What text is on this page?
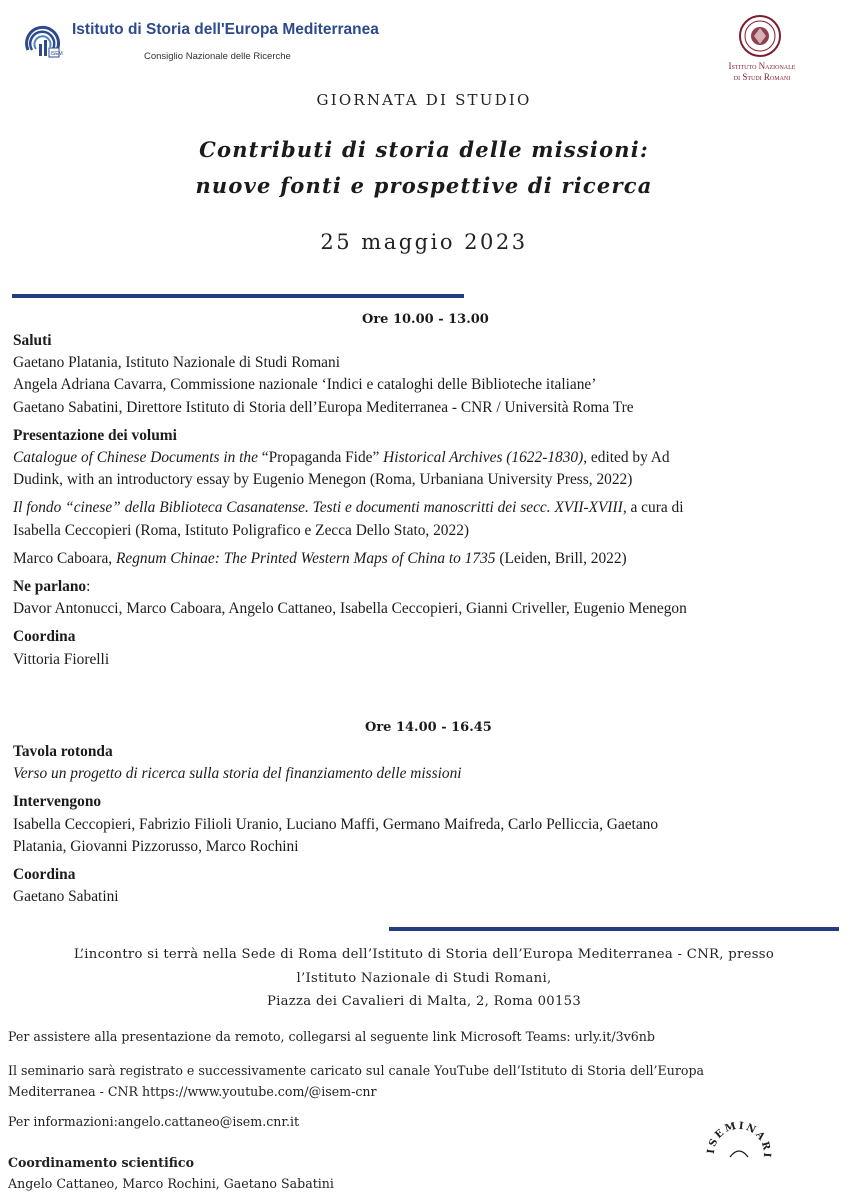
ISEM
Istituto di Storia dell'Europa Mediterranea
Consiglio Nazionale delle Ricerche
Istituto Nazionale
di Studi Romani
GIORNATA DI STUDIO
Contributi di storia delle missioni:
nuove fonti e prospettive di ricerca
25 maggio 2023
Ore 10.00 - 13.00
Saluti
Gaetano Platania, Istituto Nazionale di Studi Romani
Angela Adriana Cavarra, Commissione nazionale ‘Indici e cataloghi delle Biblioteche italiane’
Gaetano Sabatini, Direttore Istituto di Storia dell’Europa Mediterranea - CNR / Università Roma Tre
Presentazione dei volumi
Catalogue of Chinese Documents in the “Propaganda Fide” Historical Archives (1622-1830), edited by Ad
Dudink, with an introductory essay by Eugenio Menegon (Roma, Urbaniana University Press, 2022)
Il fondo “cinese” della Biblioteca Casanatense. Testi e documenti manoscritti dei secc. XVII-XVIII, a cura di
Isabella Ceccopieri (Roma, Istituto Poligrafico e Zecca Dello Stato, 2022)
Marco Caboara, Regnum Chinae: The Printed Western Maps of China to 1735 (Leiden, Brill, 2022)
Ne parlano:
Davor Antonucci, Marco Caboara, Angelo Cattaneo, Isabella Ceccopieri, Gianni Criveller, Eugenio Menegon
Coordina
Vittoria Fiorelli
Ore 14.00 - 16.45
Tavola rotonda
Verso un progetto di ricerca sulla storia del finanziamento delle missioni
Intervengono
Isabella Ceccopieri, Fabrizio Filioli Uranio, Luciano Maffi, Germano Maifreda, Carlo Pelliccia, Gaetano
Platania, Giovanni Pizzorusso, Marco Rochini
Coordina
Gaetano Sabatini
L’incontro si terrà nella Sede di Roma dell’Istituto di Storia dell’Europa Mediterranea - CNR, presso
l’Istituto Nazionale di Studi Romani,
Piazza dei Cavalieri di Malta, 2, Roma 00153
Per assistere alla presentazione da remoto, collegarsi al seguente link Microsoft Teams: urly.it/3v6nb
Il seminario sarà registrato e successivamente caricato sul canale YouTube dell’Istituto di Storia dell’Europa
Mediterranea - CNR https://www.youtube.com/@isem-cnr
Per informazioni:angelo.cattaneo@isem.cnr.it
Coordinamento scientifico
Angelo Cattaneo, Marco Rochini, Gaetano Sabatini
ISEMINARI
